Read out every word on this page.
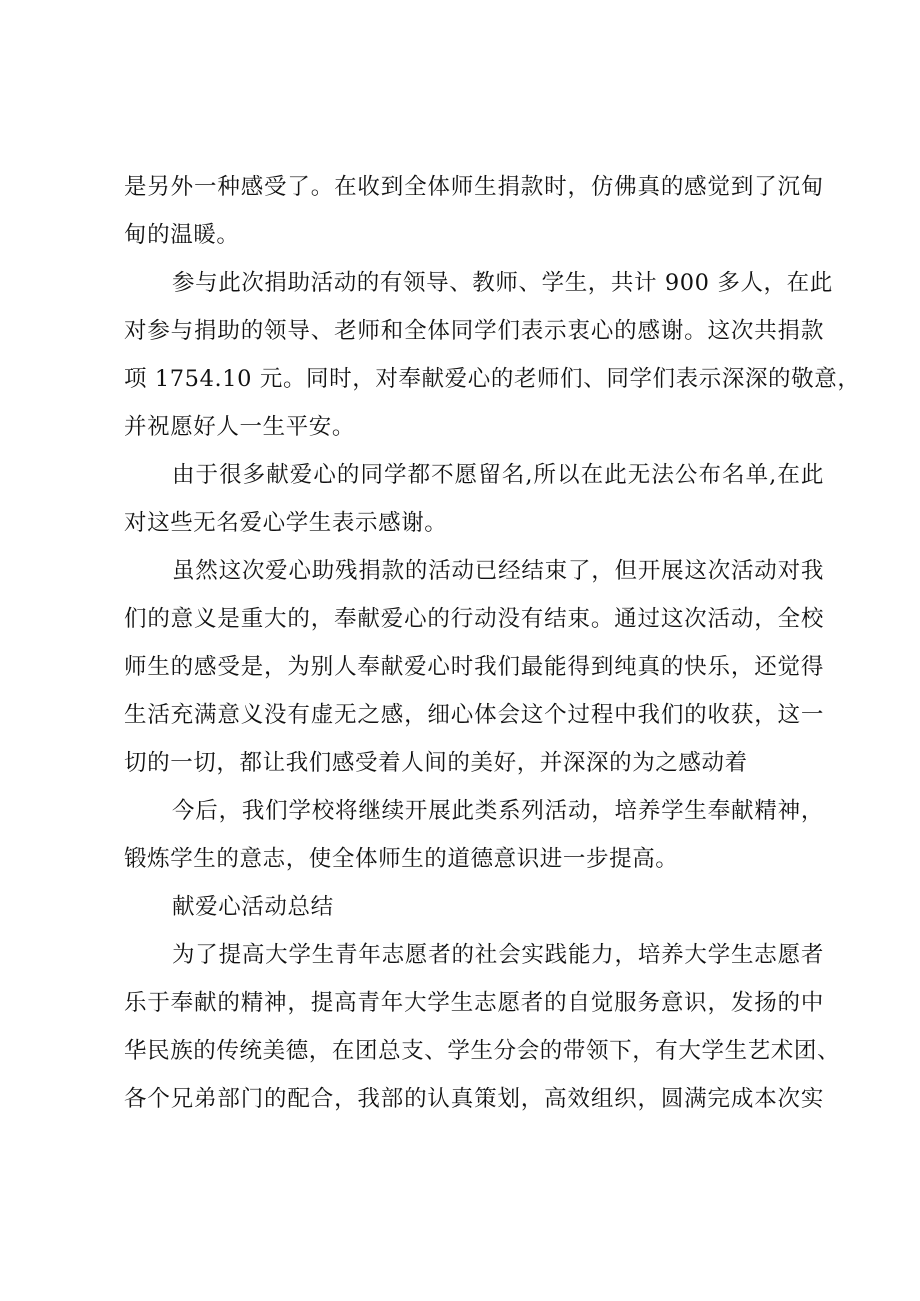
是另外一种感受了。在收到全体师生捐款时，仿佛真的感觉到了沉甸
甸的温暖。
参与此次捐助活动的有领导、教师、学生，共计 900 多人，在此
对参与捐助的领导、老师和全体同学们表示衷心的感谢。这次共捐款
项 1754.10 元。同时，对奉献爱心的老师们、同学们表示深深的敬意，
并祝愿好人一生平安。
由于很多献爱心的同学都不愿留名,所以在此无法公布名单,在此
对这些无名爱心学生表示感谢。
虽然这次爱心助残捐款的活动已经结束了，但开展这次活动对我
们的意义是重大的，奉献爱心的行动没有结束。通过这次活动，全校
师生的感受是，为别人奉献爱心时我们最能得到纯真的快乐，还觉得
生活充满意义没有虚无之感，细心体会这个过程中我们的收获，这一
切的一切，都让我们感受着人间的美好，并深深的为之感动着
今后，我们学校将继续开展此类系列活动，培养学生奉献精神，
锻炼学生的意志，使全体师生的道德意识进一步提高。
献爱心活动总结
为了提高大学生青年志愿者的社会实践能力，培养大学生志愿者
乐于奉献的精神，提高青年大学生志愿者的自觉服务意识，发扬的中
华民族的传统美德，在团总支、学生分会的带领下，有大学生艺术团、
各个兄弟部门的配合，我部的认真策划，高效组织，圆满完成本次实
